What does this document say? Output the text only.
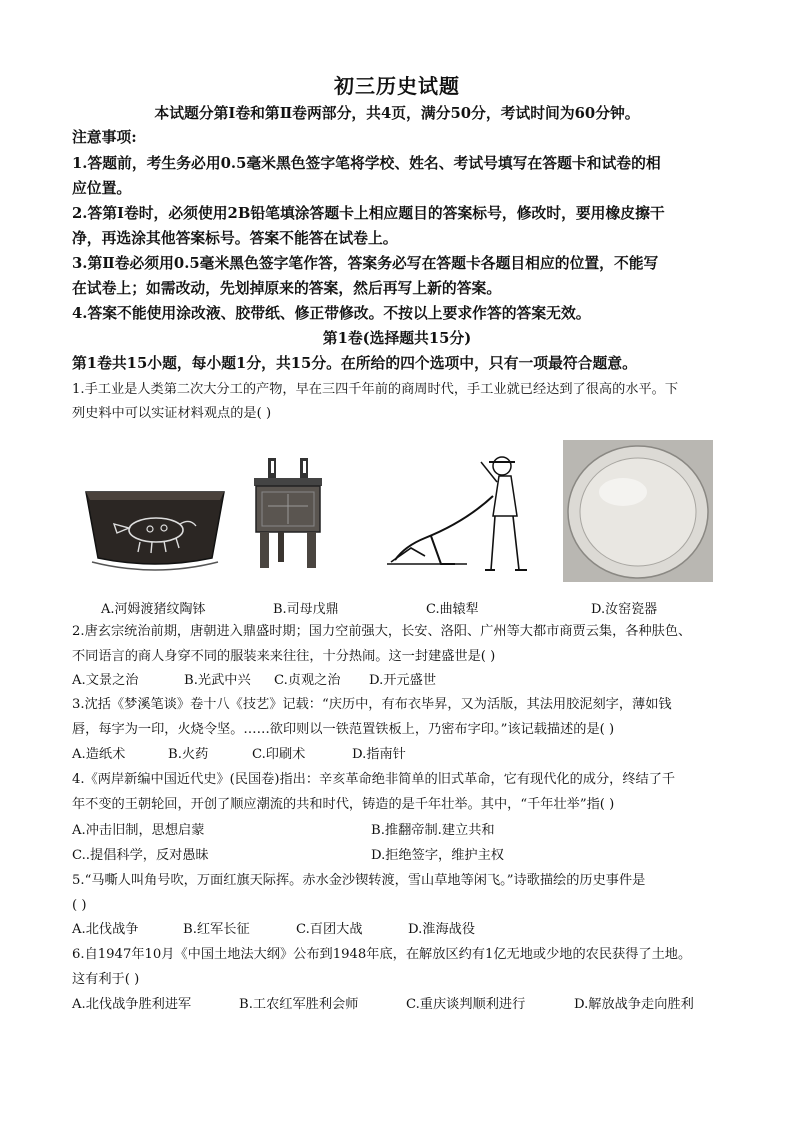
初三历史试题
本试题分第Ⅰ卷和第Ⅱ卷两部分，共4页，满分50分，考试时间为60分钟。
注意事项:
1.答题前，考生务必用0.5毫米黑色签字笔将学校、姓名、考试号填写在答题卡和试卷的相
应位置。
2.答第Ⅰ卷时，必须使用2B铅笔填涂答题卡上相应题目的答案标号，修改时，要用橡皮擦干
净，再选涂其他答案标号。答案不能答在试卷上。
3.第Ⅱ卷必须用0.5毫米黑色签字笔作答，答案务必写在答题卡各题目相应的位置，不能写
在试卷上；如需改动，先划掉原来的答案，然后再写上新的答案。
4.答案不能使用涂改液、胶带纸、修正带修改。不按以上要求作答的答案无效。
第1卷(选择题共15分)
第1卷共15小题，每小题1分，共15分。在所给的四个选项中，只有一项最符合题意。
1.手工业是人类第二次大分工的产物，早在三四千年前的商周时代，手工业就已经达到了很高的水平。下
列史料中可以实证材料观点的是( )
A.河姆渡猪纹陶钵	B.司母戊鼎	C.曲辕犁	D.汝窑瓷器
2.唐玄宗统治前期，唐朝进入鼎盛时期；国力空前强大，长安、洛阳、广州等大都市商贾云集，各种肤色、
不同语言的商人身穿不同的服装来来往往，十分热闹。这一封建盛世是( )
A.文景之治	B.光武中兴 C.贞观之治 D.开元盛世
3.沈括《梦溪笔谈》卷十八《技艺》记载：“庆历中，有布衣毕昇，又为活版，其法用胶泥刻字，薄如钱
唇，每字为一印，火烧令坚。……欲印则以一铁范置铁板上，乃密布字印。”该记载描述的是( )
A.造纸术	B.火药	C.印刷术	D.指南针
4.《两岸新编中国近代史》(民国卷)指出：辛亥革命绝非简单的旧式革命，它有现代化的成分，终结了千
年不变的王朝轮回，开创了顺应潮流的共和时代，铸造的是千年壮举。其中，“千年壮举”指( )
A.冲击旧制，思想启蒙	B.推翻帝制.建立共和
C..提倡科学，反对愚昧	D.拒绝签字，维护主权
5.“马嘶人叫角号吹，万面红旗天际挥。赤水金沙锲转渡，雪山草地等闲飞。”诗歌描绘的历史事件是
( )
A.北伐战争	B.红军长征	C.百团大战	D.淮海战役
6.自1947年10月《中国土地法大纲》公布到1948年底，在解放区约有1亿无地或少地的农民获得了土地。
这有利于( )
A.北伐战争胜利进军	B.工农红军胜利会师	C.重庆谈判顺利进行	D.解放战争走向胜利
